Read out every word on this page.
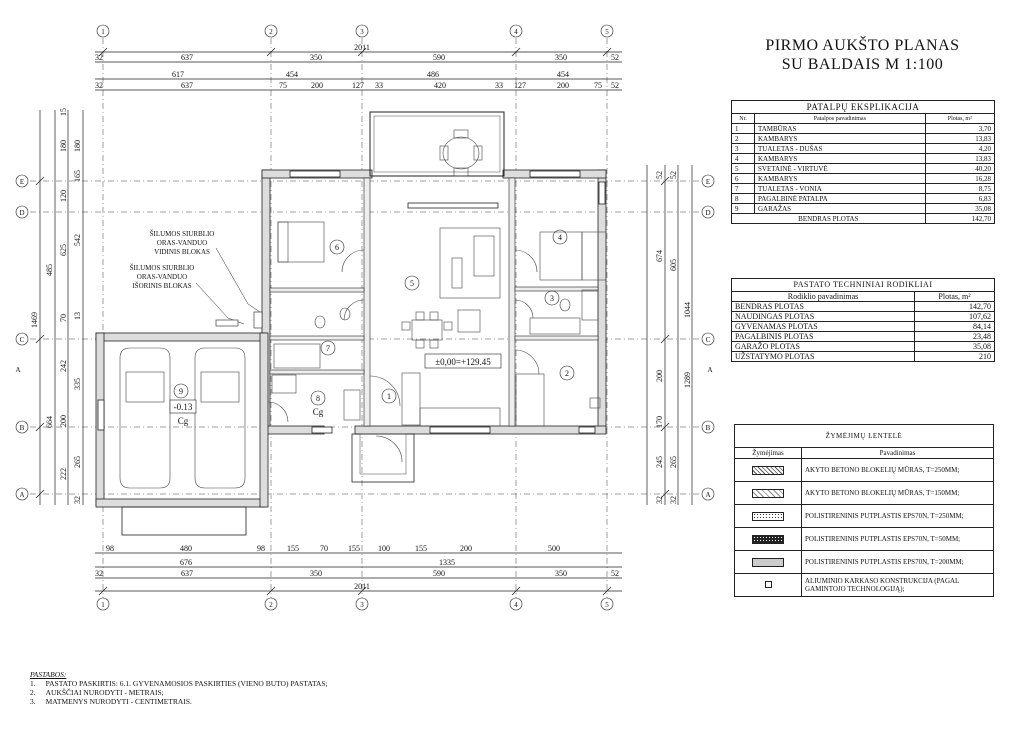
1
1
2
2
3
3
4
4
5
5
E	E
D	D
C	C
B	B
A	A
2011
32	637	350	590	350	52
617	454	486	454
32	637	75	200	127 33	420	33 127	200	75 52
98	480	98	155	70	155 100	155	200	500
676	1335
32	637	350	590	350	52
2011
1469
485
664
15
180
120
625
70
242
200
222
180
165
542
13
335
265
32
52
674
200
170
245
32
605
265
1044
1289
52
32
ŠILUMOS SIURBLIO
ORAS-VANDUO
VIDINIS BLOKAS
ŠILUMOS SIURBLIO
ORAS-VANDUO
IŠORINIS BLOKAS
±0,00=+129.45
-0.13
Cg
Cg
A	A
1
2
3
4
5
6
7
8
9
PIRMO AUKŠTO PLANAS
SU BALDAIS M 1:100
PATALPŲ EKSPLIKACIJA		
Nr.	Patalpos pavadinimas	Plotas, m²
1	TAMBŪRAS	3,70
2	KAMBARYS	13,83
3	TUALETAS - DUŠAS	4,20
4	KAMBARYS	13,83
5	SVETAINĖ - VIRTUVĖ	40,20
6	KAMBARYS	16,28
7	TUALETAS - VONIA	8,75
8	PAGALBINĖ PATALPA	6,83
9	GARAŽAS	35,08
BENDRAS PLOTAS		142,70
PASTATO TECHNINIAI RODIKLIAI	
Rodiklio pavadinimas	Plotas, m²
BENDRAS PLOTAS	142,70
NAUDINGAS PLOTAS	107,62
GYVENAMAS PLOTAS	84,14
PAGALBINIS PLOTAS	23,48
GARAŽO PLOTAS	35,08
UŽSTATYMO PLOTAS	210
ŽYMĖJIMŲ LENTELĖ	
Žymėjimas	Pavadinimas
	AKYTO BETONO BLOKELIŲ MŪRAS, T=250MM;
	AKYTO BETONO BLOKELIŲ MŪRAS, T=150MM;
	POLISTIRENINIS PUTPLASTIS EPS70N, T=250MM;
	POLISTIRENINIS PUTPLASTIS EPS70N, T=50MM;
	POLISTIRENINIS PUTPLASTIS EPS70N, T=200MM;
	ALIUMINIO KARKASO KONSTRUKCIJA (PAGAL GAMINTOJO TECHNOLOGIJĄ);
PASTABOS:
1. PASTATO PASKIRTIS: 6.1. GYVENAMOSIOS PASKIRTIES (VIENO BUTO) PASTATAS;
2. AUKŠČIAI NURODYTI - METRAIS;
3. MATMENYS NURODYTI - CENTIMETRAIS.
